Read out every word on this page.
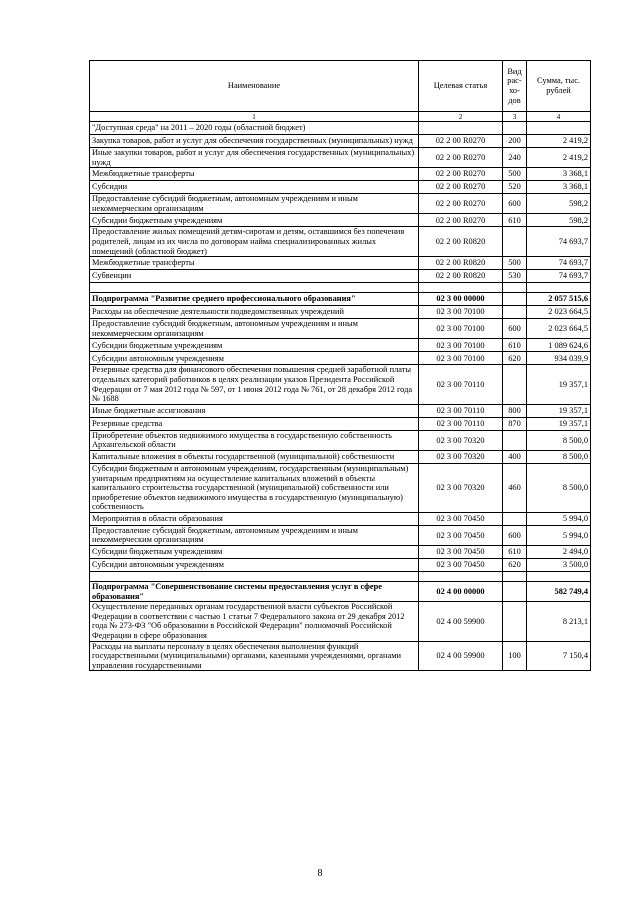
Наименование	Целевая статья	Вид рас-хо-дов	Сумма, тыс. рублей
1	2	3	4
"Доступная среда" на 2011 – 2020 годы (областной бюджет)			
Закупка товаров, работ и услуг для обеспечения государственных (муниципальных) нужд	02 2 00 R0270	200	2 419,2
Иные закупки товаров, работ и услуг для обеспечения государственных (муниципальных) нужд	02 2 00 R0270	240	2 419,2
Межбюджетные трансферты	02 2 00 R0270	500	3 368,1
Субсидии	02 2 00 R0270	520	3 368,1
Предоставление субсидий бюджетным, автономным учреждениям и иным некоммерческим организациям	02 2 00 R0270	600	598,2
Субсидии бюджетным учреждениям	02 2 00 R0270	610	598,2
Предоставление жилых помещений детям-сиротам и детям, оставшимся без попечения родителей, лицам из их числа по договорам найма специализированных жилых помещений (областной бюджет)	02 2 00 R0820		74 693,7
Межбюджетные трансферты	02 2 00 R0820	500	74 693,7
Субвенции	02 2 00 R0820	530	74 693,7

Подпрограмма "Развитие среднего профессионального образования"	02 3 00 00000		2 057 515,6
Расходы на обеспечение деятельности подведомственных учреждений	02 3 00 70100		2 023 664,5
Предоставление субсидий бюджетным, автономным учреждениям и иным некоммерческим организациям	02 3 00 70100	600	2 023 664,5
Субсидии бюджетным учреждениям	02 3 00 70100	610	1 089 624,6
Субсидии автономным учреждениям	02 3 00 70100	620	934 039,9
Резервные средства для финансового обеспечения повышения средней заработной платы отдельных категорий работников в целях реализации указов Президента Российской Федерации от 7 мая 2012 года № 597, от 1 июня 2012 года № 761, от 28 декабря 2012 года № 1688	02 3 00 70110		19 357,1
Иные бюджетные ассигнования	02 3 00 70110	800	19 357,1
Резервные средства	02 3 00 70110	870	19 357,1
Приобретение объектов недвижимого имущества в государственную собственность Архангельской области	02 3 00 70320		8 500,0
Капитальные вложения в объекты государственной (муниципальной) собственности	02 3 00 70320	400	8 500,0
Субсидии бюджетным и автономным учреждениям, государственным (муниципальным) унитарным предприятиям на осуществление капитальных вложений в объекты капитального строительства государственной (муниципальной) собственности или приобретение объектов недвижимого имущества в государственную (муниципальную) собственность	02 3 00 70320	460	8 500,0
Мероприятия в области образования	02 3 00 70450		5 994,0
Предоставление субсидий бюджетным, автономным учреждениям и иным некоммерческим организациям	02 3 00 70450	600	5 994,0
Субсидии бюджетным учреждениям	02 3 00 70450	610	2 494,0
Субсидии автономным учреждениям	02 3 00 70450	620	3 500,0

Подпрограмма "Совершенствование системы предоставления услуг в сфере образования"	02 4 00 00000		582 749,4
Осуществление переданных органам государственной власти субъектов Российской Федерации в соответствии с частью 1 статьи 7 Федерального закона от 29 декабря 2012 года № 273-ФЗ "Об образовании в Российской Федерации" полномочий Российской Федерации в сфере образования	02 4 00 59900		8 213,1
Расходы на выплаты персоналу в целях обеспечения выполнения функций государственными (муниципальными) органами, казенными учреждениями, органами управления государственными	02 4 00 59900	100	7 150,4
8
